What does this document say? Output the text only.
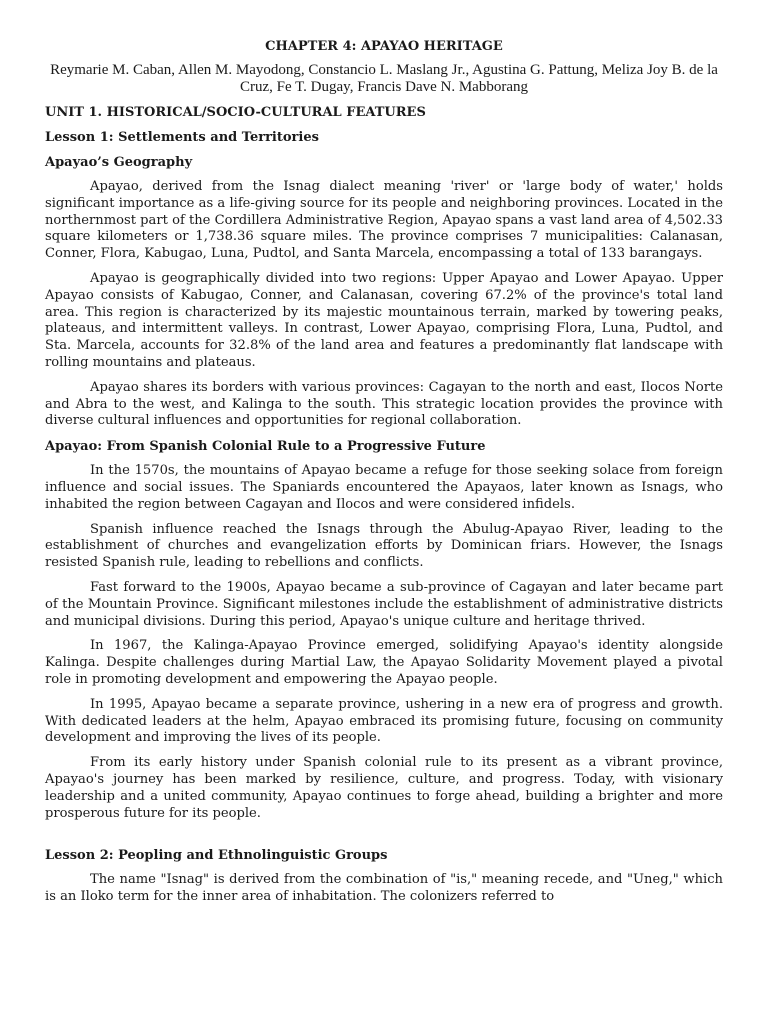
CHAPTER 4: APAYAO HERITAGE
Reymarie M. Caban, Allen M. Mayodong, Constancio L. Maslang Jr., Agustina G. Pattung, Meliza Joy B. de la Cruz, Fe T. Dugay, Francis Dave N. Mabborang
UNIT 1. HISTORICAL/SOCIO-CULTURAL FEATURES
Lesson 1: Settlements and Territories
Apayao’s Geography

Apayao, derived from the Isnag dialect meaning 'river' or 'large body of water,' holds significant importance as a life-giving source for its people and neighboring provinces. Located in the northernmost part of the Cordillera Administrative Region, Apayao spans a vast land area of 4,502.33 square kilometers or 1,738.36 square miles. The province comprises 7 municipalities: Calanasan, Conner, Flora, Kabugao, Luna, Pudtol, and Santa Marcela, encompassing a total of 133 barangays.

Apayao is geographically divided into two regions: Upper Apayao and Lower Apayao. Upper Apayao consists of Kabugao, Conner, and Calanasan, covering 67.2% of the province's total land area. This region is characterized by its majestic mountainous terrain, marked by towering peaks, plateaus, and intermittent valleys. In contrast, Lower Apayao, comprising Flora, Luna, Pudtol, and Sta. Marcela, accounts for 32.8% of the land area and features a predominantly flat landscape with rolling mountains and plateaus.

Apayao shares its borders with various provinces: Cagayan to the north and east, Ilocos Norte and Abra to the west, and Kalinga to the south. This strategic location provides the province with diverse cultural influences and opportunities for regional collaboration.

Apayao: From Spanish Colonial Rule to a Progressive Future

In the 1570s, the mountains of Apayao became a refuge for those seeking solace from foreign influence and social issues. The Spaniards encountered the Apayaos, later known as Isnags, who inhabited the region between Cagayan and Ilocos and were considered infidels.

Spanish influence reached the Isnags through the Abulug-Apayao River, leading to the establishment of churches and evangelization efforts by Dominican friars. However, the Isnags resisted Spanish rule, leading to rebellions and conflicts.

Fast forward to the 1900s, Apayao became a sub-province of Cagayan and later became part of the Mountain Province. Significant milestones include the establishment of administrative districts and municipal divisions. During this period, Apayao's unique culture and heritage thrived.

In 1967, the Kalinga-Apayao Province emerged, solidifying Apayao's identity alongside Kalinga. Despite challenges during Martial Law, the Apayao Solidarity Movement played a pivotal role in promoting development and empowering the Apayao people.

In 1995, Apayao became a separate province, ushering in a new era of progress and growth. With dedicated leaders at the helm, Apayao embraced its promising future, focusing on community development and improving the lives of its people.

From its early history under Spanish colonial rule to its present as a vibrant province, Apayao's journey has been marked by resilience, culture, and progress. Today, with visionary leadership and a united community, Apayao continues to forge ahead, building a brighter and more prosperous future for its people.

Lesson 2: Peopling and Ethnolinguistic Groups

The name "Isnag" is derived from the combination of "is," meaning recede, and "Uneg," which is an Iloko term for the inner area of inhabitation. The colonizers referred to
